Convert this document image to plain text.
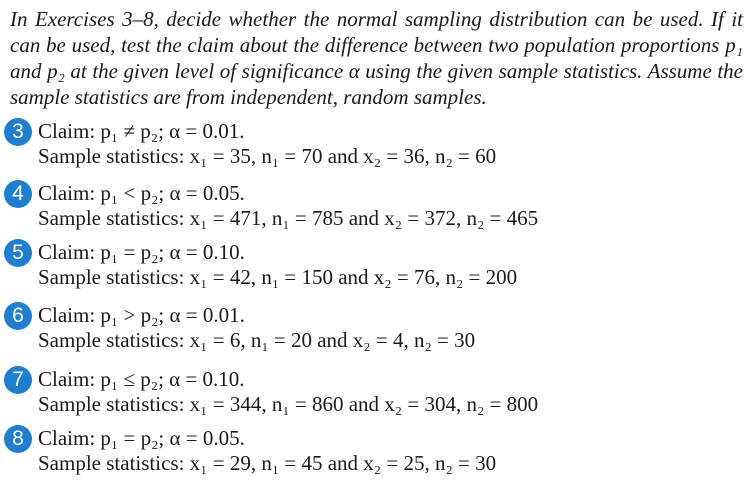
In Exercises 3–8, decide whether the normal sampling distribution can be used. If it can be used, test the claim about the difference between two population proportions p₁ and p₂ at the given level of significance α using the given sample statistics. Assume the sample statistics are from independent, random samples.

3 Claim: p₁ ≠ p₂; α = 0.01.
Sample statistics: x₁ = 35, n₁ = 70 and x₂ = 36, n₂ = 60
4 Claim: p₁ < p₂; α = 0.05.
Sample statistics: x₁ = 471, n₁ = 785 and x₂ = 372, n₂ = 465
5 Claim: p₁ = p₂; α = 0.10.
Sample statistics: x₁ = 42, n₁ = 150 and x₂ = 76, n₂ = 200
6 Claim: p₁ > p₂; α = 0.01.
Sample statistics: x₁ = 6, n₁ = 20 and x₂ = 4, n₂ = 30
7 Claim: p₁ ≤ p₂; α = 0.10.
Sample statistics: x₁ = 344, n₁ = 860 and x₂ = 304, n₂ = 800
8 Claim: p₁ = p₂; α = 0.05.
Sample statistics: x₁ = 29, n₁ = 45 and x₂ = 25, n₂ = 30
